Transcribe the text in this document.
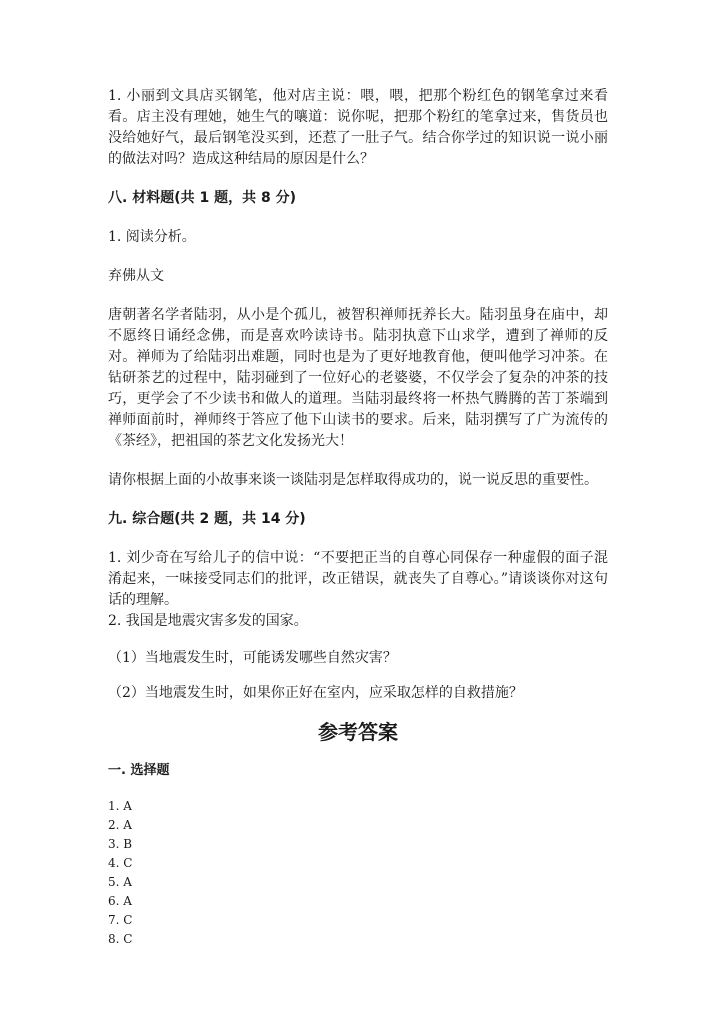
1. 小丽到文具店买钢笔，他对店主说：喂，喂，把那个粉红色的钢笔拿过来看看。店主没有理她，她生气的嚷道：说你呢，把那个粉红的笔拿过来，售货员也没给她好气，最后钢笔没买到，还惹了一肚子气。结合你学过的知识说一说小丽的做法对吗？造成这种结局的原因是什么？

八. 材料题(共 1 题，共 8 分)

1. 阅读分析。

弃佛从文

唐朝著名学者陆羽，从小是个孤儿，被智积禅师抚养长大。陆羽虽身在庙中，却不愿终日诵经念佛，而是喜欢吟读诗书。陆羽执意下山求学，遭到了禅师的反对。禅师为了给陆羽出难题，同时也是为了更好地教育他，便叫他学习冲茶。在钻研茶艺的过程中，陆羽碰到了一位好心的老婆婆，不仅学会了复杂的冲茶的技巧，更学会了不少读书和做人的道理。当陆羽最终将一杯热气腾腾的苦丁茶端到禅师面前时，禅师终于答应了他下山读书的要求。后来，陆羽撰写了广为流传的《茶经》，把祖国的茶艺文化发扬光大！

请你根据上面的小故事来谈一谈陆羽是怎样取得成功的，说一说反思的重要性。

九. 综合题(共 2 题，共 14 分)

1. 刘少奇在写给儿子的信中说：“不要把正当的自尊心同保存一种虚假的面子混淆起来，一味接受同志们的批评，改正错误，就丧失了自尊心。”请谈谈你对这句话的理解。

2. 我国是地震灾害多发的国家。

（1）当地震发生时，可能诱发哪些自然灾害？

（2）当地震发生时，如果你正好在室内，应采取怎样的自救措施？

参考答案

一. 选择题

1. A
2. A
3. B
4. C
5. A
6. A
7. C
8. C
